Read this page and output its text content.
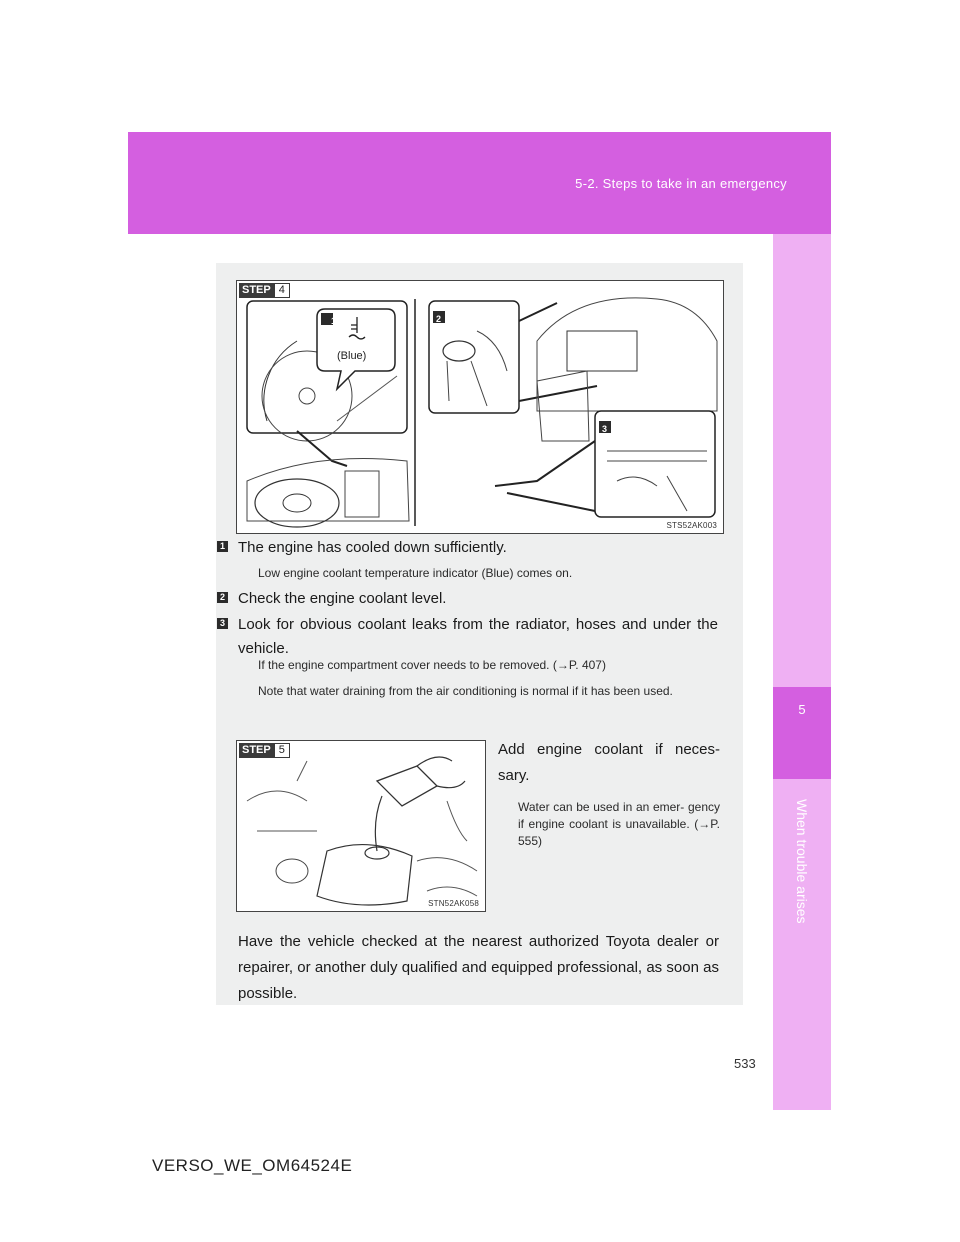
5-2. Steps to take in an emergency
5
When trouble arises
STEP 4
1	2
3
(Blue)
STS52AK003
1 The engine has cooled down sufficiently.
Low engine coolant temperature indicator (Blue) comes on.
2 Check the engine coolant level.
3 Look for obvious coolant leaks from the radiator, hoses and under the vehicle.
If the engine compartment cover needs to be removed. (→P. 407)
Note that water draining from the air conditioning is normal if it has been used.
STEP 5
STN52AK058
Add engine coolant if neces- sary.
Water can be used in an emer- gency if engine coolant is unavailable. (→P. 555)
Have the vehicle checked at the nearest authorized Toyota dealer or repairer, or another duly qualified and equipped professional, as soon as possible.
533
VERSO_WE_OM64524E
